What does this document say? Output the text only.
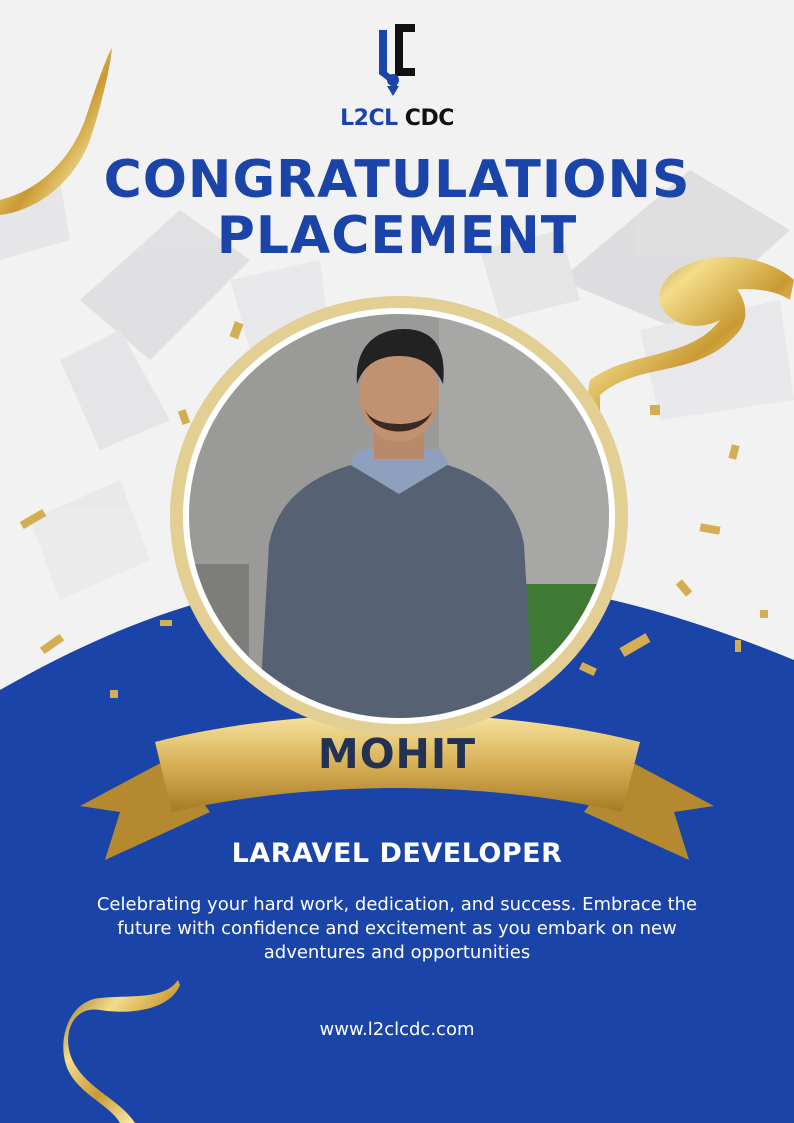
L2CL CDC
CONGRATULATIONS
PLACEMENT
MOHIT
LARAVEL DEVELOPER
Celebrating your hard work, dedication, and success. Embrace the future with confidence and excitement as you embark on new adventures and opportunities
www.l2clcdc.com
